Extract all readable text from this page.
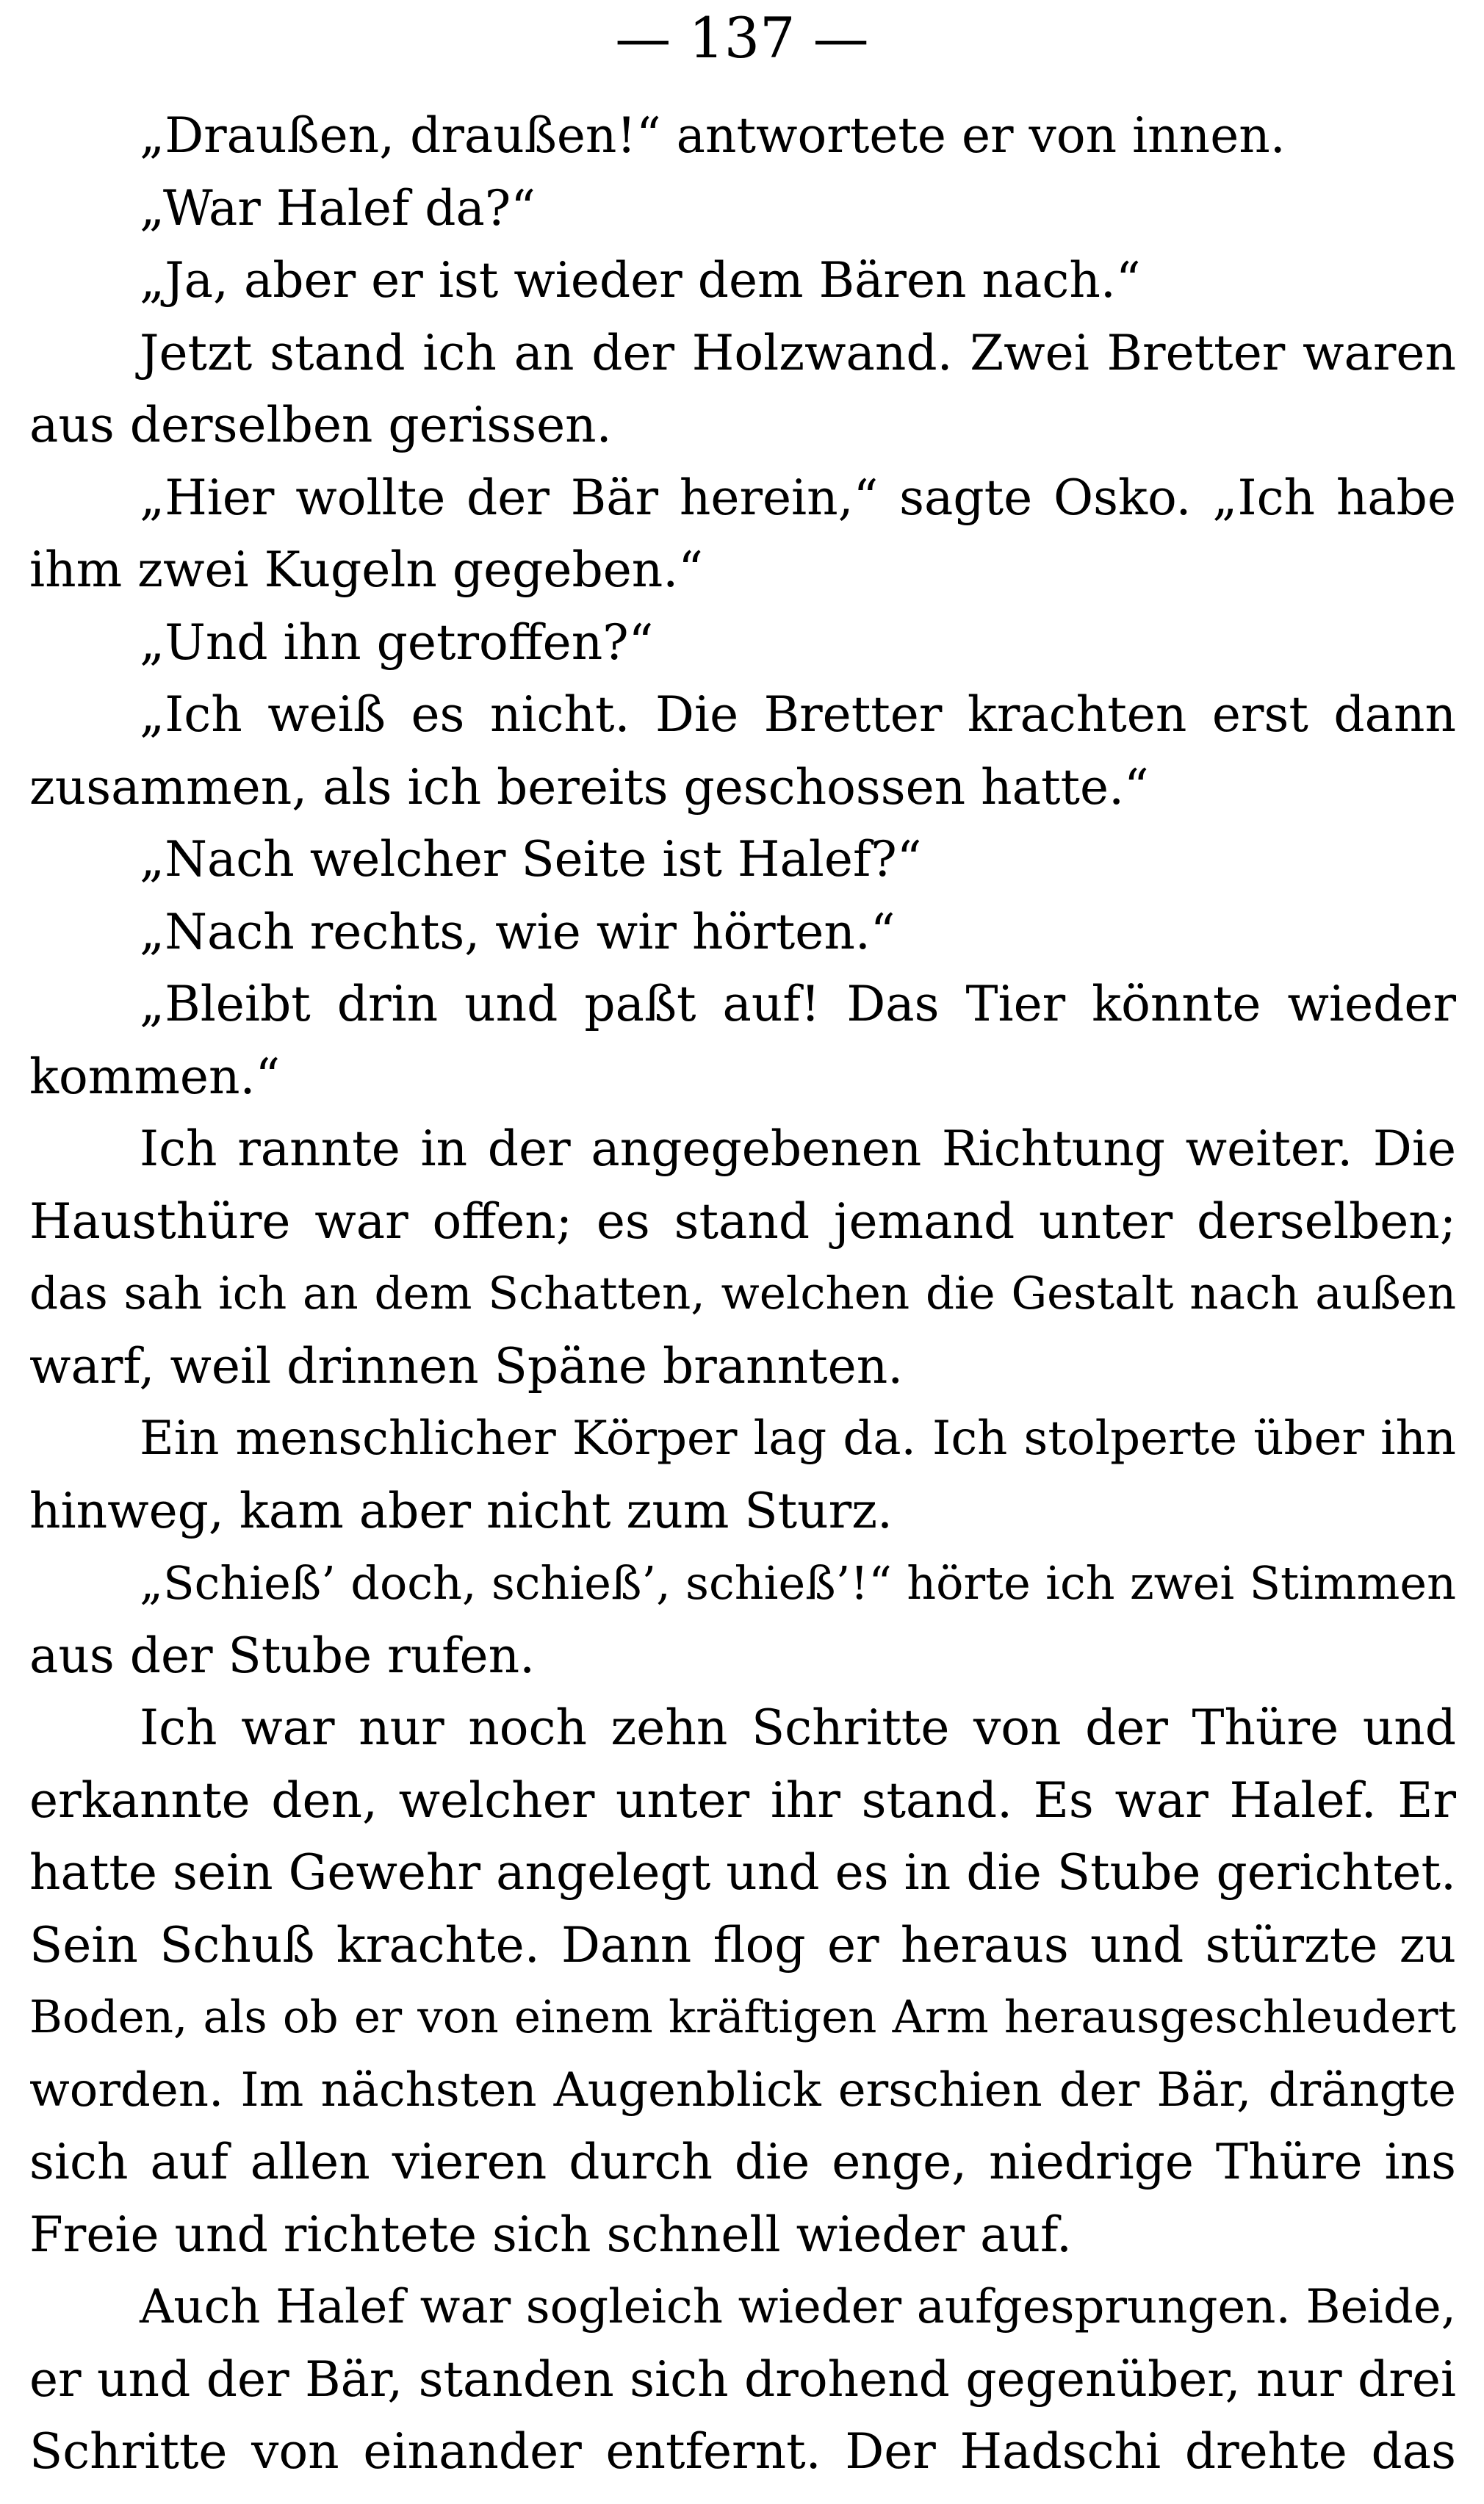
— 137 —
„Draußen, draußen!“ antwortete er von innen.
„War Halef da?“
„Ja, aber er ist wieder dem Bären nach.“
Jetzt stand ich an der Holzwand. Zwei Bretter waren
aus derselben gerissen.
„Hier wollte der Bär herein,“ sagte Osko. „Ich habe
ihm zwei Kugeln gegeben.“
„Und ihn getroffen?“
„Ich weiß es nicht. Die Bretter krachten erst dann
zusammen, als ich bereits geschossen hatte.“
„Nach welcher Seite ist Halef?“
„Nach rechts, wie wir hörten.“
„Bleibt drin und paßt auf! Das Tier könnte wieder
kommen.“
Ich rannte in der angegebenen Richtung weiter. Die
Hausthüre war offen; es stand jemand unter derselben;
das sah ich an dem Schatten, welchen die Gestalt nach außen
warf, weil drinnen Späne brannten.
Ein menschlicher Körper lag da. Ich stolperte über ihn
hinweg, kam aber nicht zum Sturz.
„Schieß’ doch, schieß’, schieß’!“ hörte ich zwei Stimmen
aus der Stube rufen.
Ich war nur noch zehn Schritte von der Thüre und
erkannte den, welcher unter ihr stand. Es war Halef. Er
hatte sein Gewehr angelegt und es in die Stube gerichtet.
Sein Schuß krachte. Dann flog er heraus und stürzte zu
Boden, als ob er von einem kräftigen Arm herausgeschleudert
worden. Im nächsten Augenblick erschien der Bär, drängte
sich auf allen vieren durch die enge, niedrige Thüre ins
Freie und richtete sich schnell wieder auf.
Auch Halef war sogleich wieder aufgesprungen. Beide,
er und der Bär, standen sich drohend gegenüber, nur drei
Schritte von einander entfernt. Der Hadschi drehte das
